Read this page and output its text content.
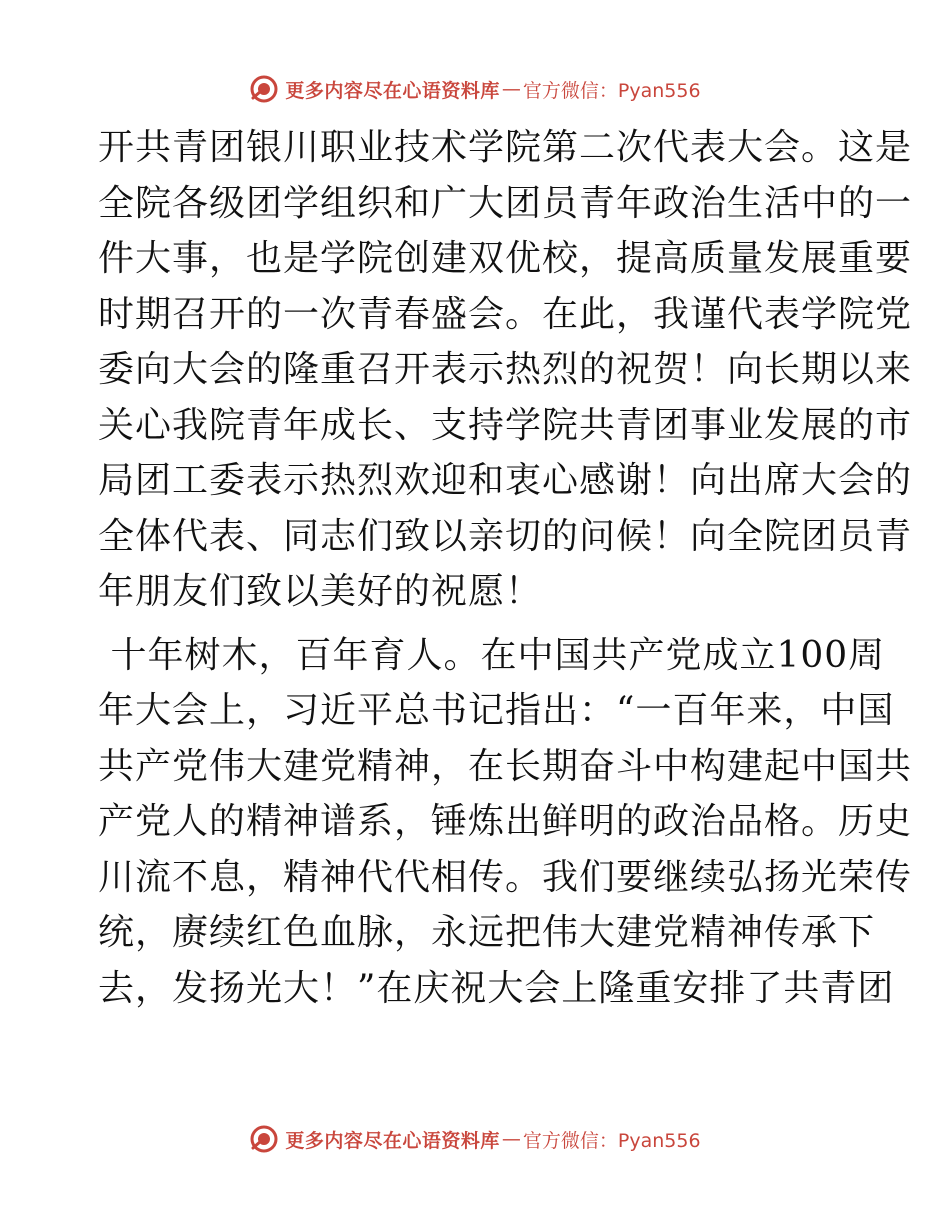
更多内容尽在心语资料库 — 官方微信：Pyan556
开共青团银川职业技术学院第二次代表大会。这是
全院各级团学组织和广大团员青年政治生活中的一
件大事，也是学院创建双优校，提高质量发展重要
时期召开的一次青春盛会。在此，我谨代表学院党
委向大会的隆重召开表示热烈的祝贺！向长期以来
关心我院青年成长、支持学院共青团事业发展的市
局团工委表示热烈欢迎和衷心感谢！向出席大会的
全体代表、同志们致以亲切的问候！向全院团员青
年朋友们致以美好的祝愿！
十年树木，百年育人。在中国共产党成立100周
年大会上，习近平总书记指出：“一百年来，中国
共产党伟大建党精神，在长期奋斗中构建起中国共
产党人的精神谱系，锤炼出鲜明的政治品格。历史
川流不息，精神代代相传。我们要继续弘扬光荣传
统，赓续红色血脉，永远把伟大建党精神传承下
去，发扬光大！”在庆祝大会上隆重安排了共青团
更多内容尽在心语资料库 — 官方微信：Pyan556
